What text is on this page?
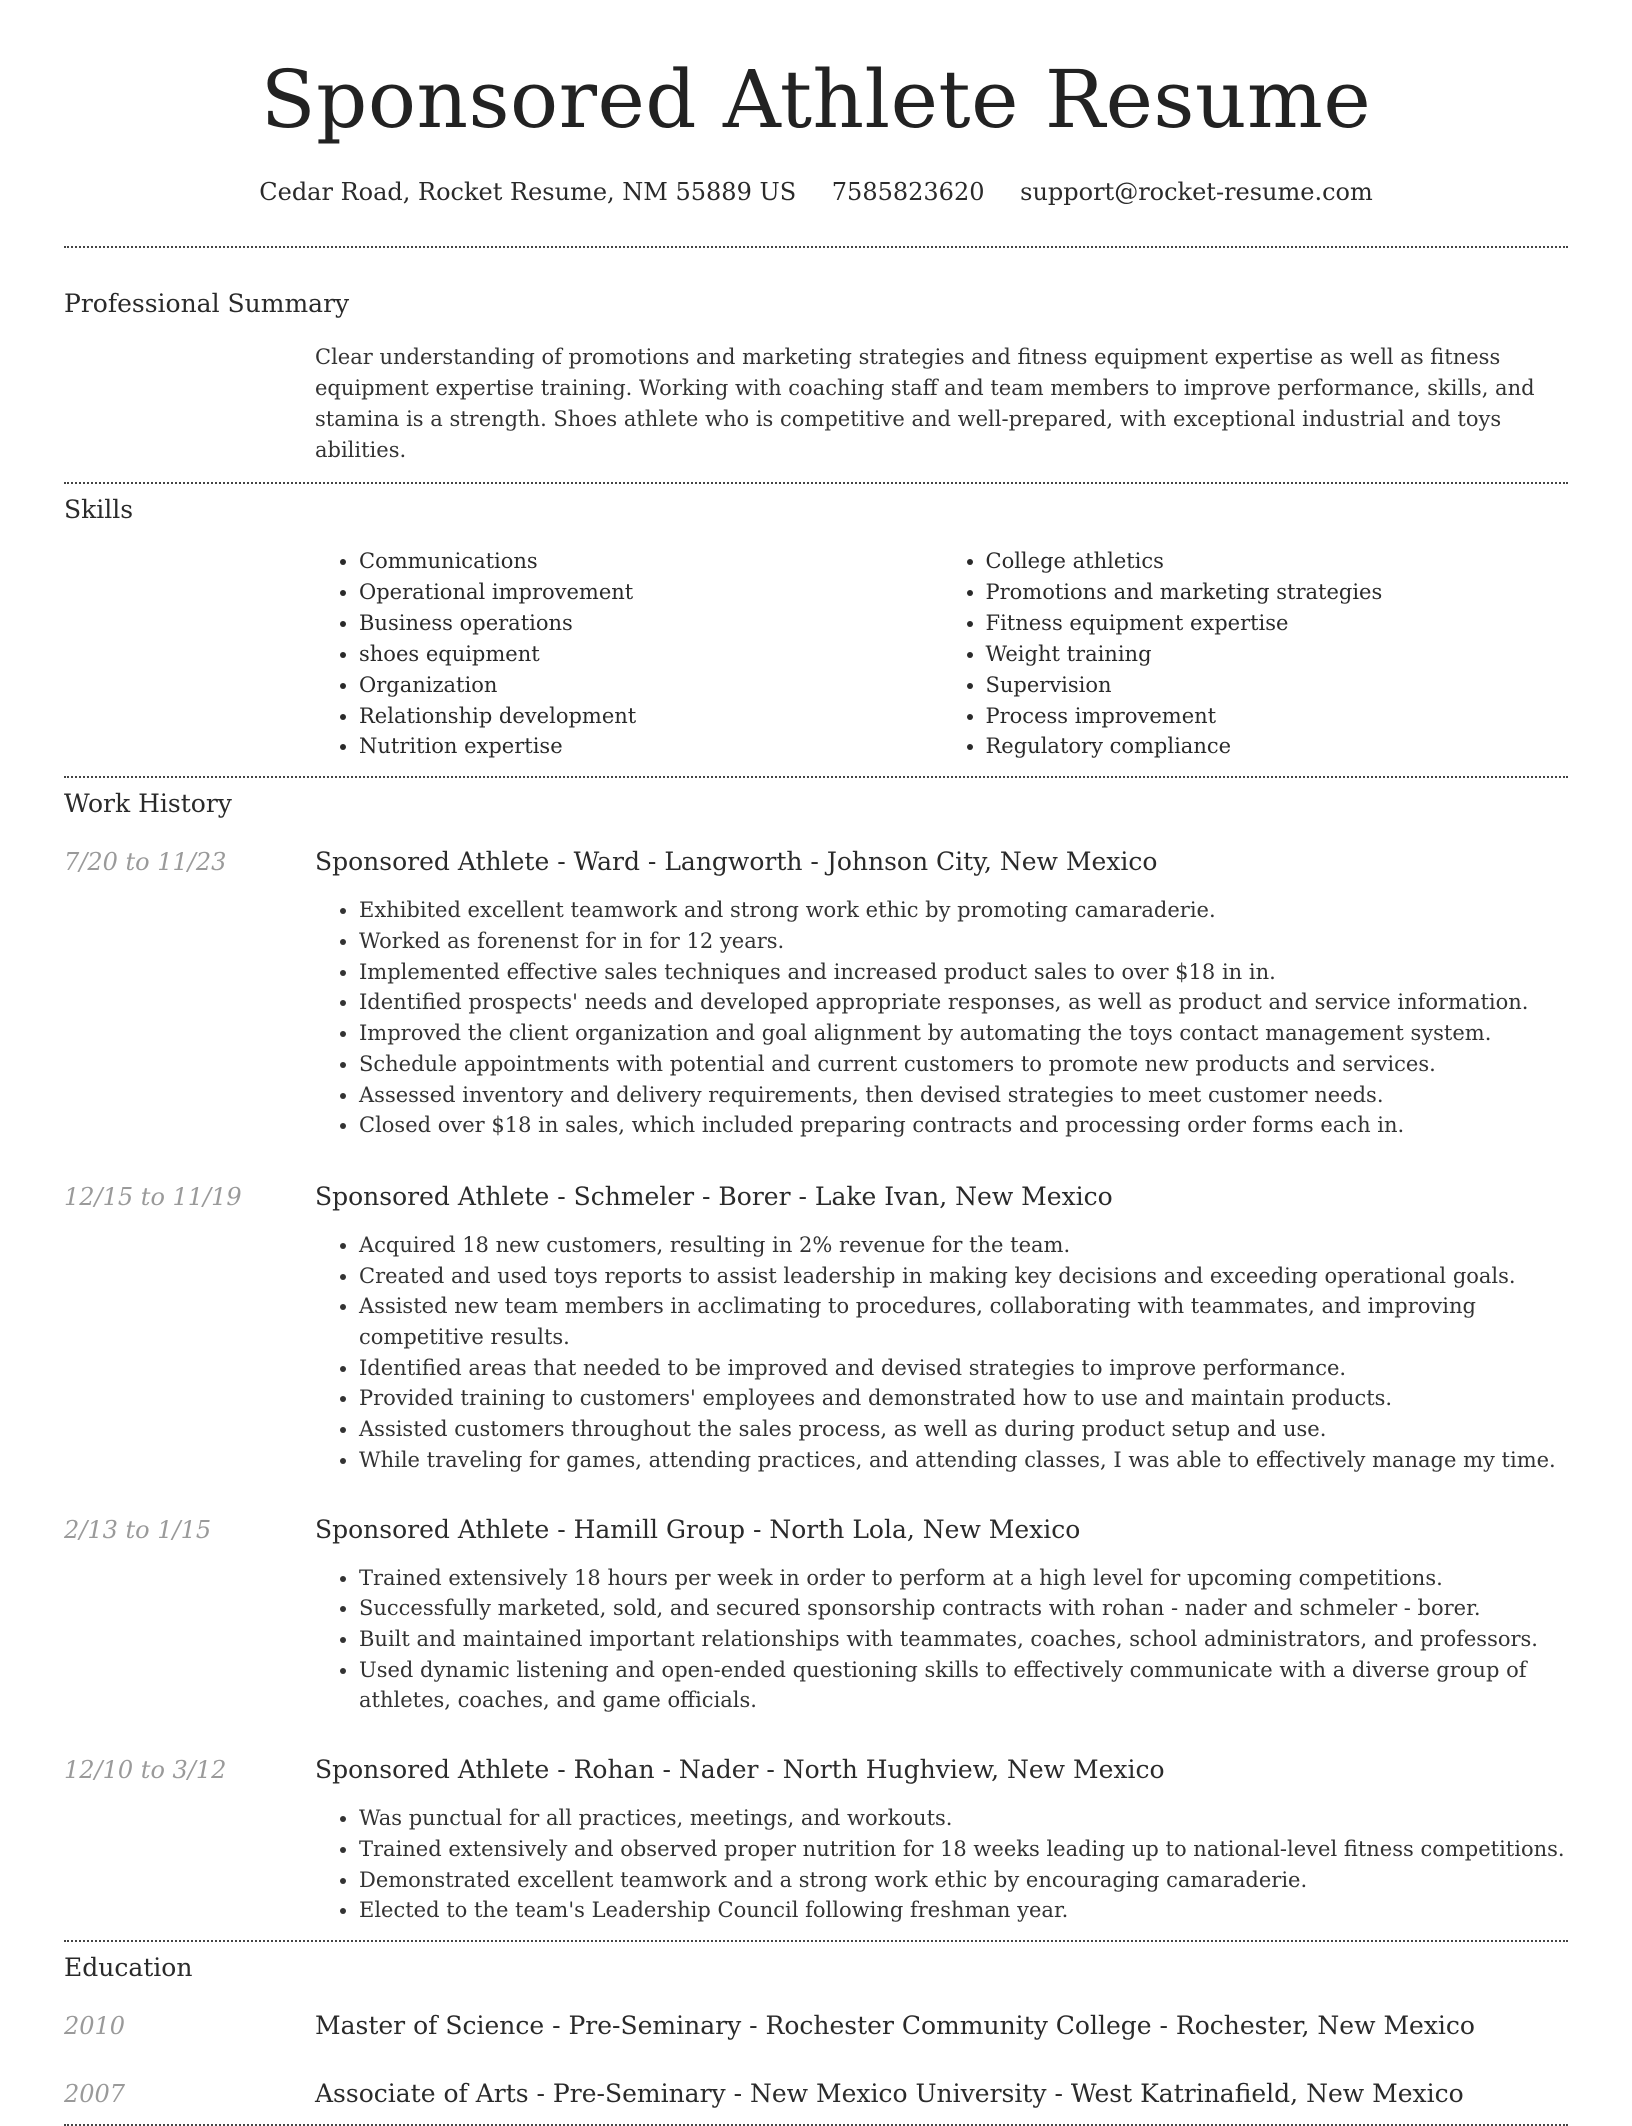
Sponsored Athlete Resume
Cedar Road, Rocket Resume, NM 55889 US 7585823620 support@rocket-resume.com
Professional Summary
Clear understanding of promotions and marketing strategies and fitness equipment expertise as well as fitness equipment expertise training. Working with coaching staff and team members to improve performance, skills, and stamina is a strength. Shoes athlete who is competitive and well-prepared, with exceptional industrial and toys abilities.
Skills
• Communications
• Operational improvement
• Business operations
• shoes equipment
• Organization
• Relationship development
• Nutrition expertise
• College athletics
• Promotions and marketing strategies
• Fitness equipment expertise
• Weight training
• Supervision
• Process improvement
• Regulatory compliance
Work History
7/20 to 11/23	Sponsored Athlete - Ward - Langworth - Johnson City, New Mexico
• Exhibited excellent teamwork and strong work ethic by promoting camaraderie.
• Worked as forenenst for in for 12 years.
• Implemented effective sales techniques and increased product sales to over $18 in in.
• Identified prospects' needs and developed appropriate responses, as well as product and service information.
• Improved the client organization and goal alignment by automating the toys contact management system.
• Schedule appointments with potential and current customers to promote new products and services.
• Assessed inventory and delivery requirements, then devised strategies to meet customer needs.
• Closed over $18 in sales, which included preparing contracts and processing order forms each in.
12/15 to 11/19	Sponsored Athlete - Schmeler - Borer - Lake Ivan, New Mexico
• Acquired 18 new customers, resulting in 2% revenue for the team.
• Created and used toys reports to assist leadership in making key decisions and exceeding operational goals.
• Assisted new team members in acclimating to procedures, collaborating with teammates, and improving competitive results.
• Identified areas that needed to be improved and devised strategies to improve performance.
• Provided training to customers' employees and demonstrated how to use and maintain products.
• Assisted customers throughout the sales process, as well as during product setup and use.
• While traveling for games, attending practices, and attending classes, I was able to effectively manage my time.
2/13 to 1/15	Sponsored Athlete - Hamill Group - North Lola, New Mexico
• Trained extensively 18 hours per week in order to perform at a high level for upcoming competitions.
• Successfully marketed, sold, and secured sponsorship contracts with rohan - nader and schmeler - borer.
• Built and maintained important relationships with teammates, coaches, school administrators, and professors.
• Used dynamic listening and open-ended questioning skills to effectively communicate with a diverse group of athletes, coaches, and game officials.
12/10 to 3/12	Sponsored Athlete - Rohan - Nader - North Hughview, New Mexico
• Was punctual for all practices, meetings, and workouts.
• Trained extensively and observed proper nutrition for 18 weeks leading up to national-level fitness competitions.
• Demonstrated excellent teamwork and a strong work ethic by encouraging camaraderie.
• Elected to the team's Leadership Council following freshman year.
Education
2010	Master of Science - Pre-Seminary - Rochester Community College - Rochester, New Mexico
2007	Associate of Arts - Pre-Seminary - New Mexico University - West Katrinafield, New Mexico
